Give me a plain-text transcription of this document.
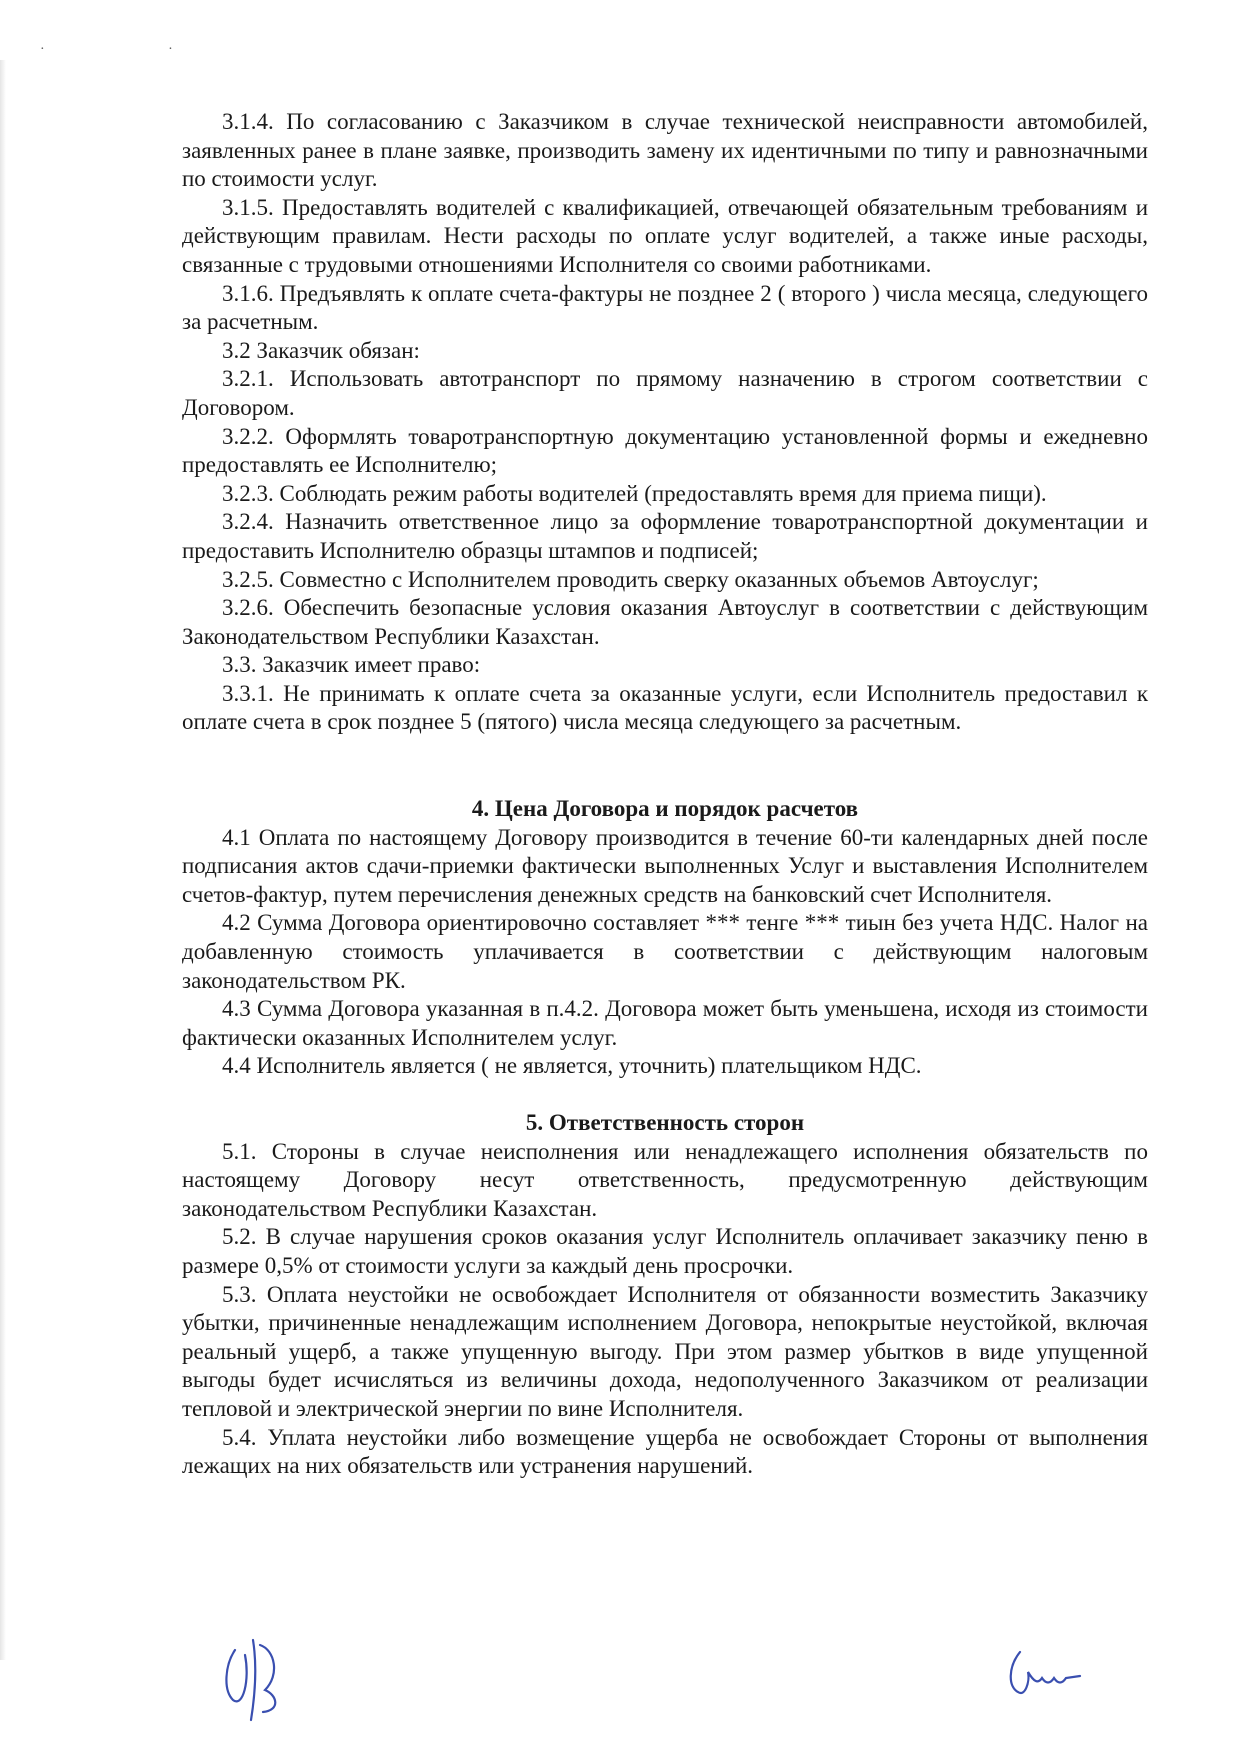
· ·

3.1.4. По согласованию с Заказчиком в случае технической неисправности автомобилей, заявленных ранее в плане заявке, производить замену их идентичными по типу и равнозначными по стоимости услуг.

3.1.5. Предоставлять водителей с квалификацией, отвечающей обязательным требованиям и действующим правилам. Нести расходы по оплате услуг водителей, а также иные расходы, связанные с трудовыми отношениями Исполнителя со своими работниками.

3.1.6. Предъявлять к оплате счета-фактуры не позднее 2 ( второго ) числа месяца, следующего за расчетным.

3.2 Заказчик обязан:

3.2.1. Использовать автотранспорт по прямому назначению в строгом соответствии с Договором.

3.2.2. Оформлять товаротранспортную документацию установленной формы и ежедневно предоставлять ее Исполнителю;

3.2.3. Соблюдать режим работы водителей (предоставлять время для приема пищи).

3.2.4. Назначить ответственное лицо за оформление товаротранспортной документации и предоставить Исполнителю образцы штампов и подписей;

3.2.5. Совместно с Исполнителем проводить сверку оказанных объемов Автоуслуг;

3.2.6. Обеспечить безопасные условия оказания Автоуслуг в соответствии с действующим Законодательством Республики Казахстан.

3.3. Заказчик имеет право:

3.3.1. Не принимать к оплате счета за оказанные услуги, если Исполнитель предоставил к оплате счета в срок позднее 5 (пятого) числа месяца следующего за расчетным.

4. Цена Договора и порядок расчетов

4.1 Оплата по настоящему Договору производится в течение 60-ти календарных дней после подписания актов сдачи-приемки фактически выполненных Услуг и выставления Исполнителем счетов-фактур, путем перечисления денежных средств на банковский счет Исполнителя.

4.2 Сумма Договора ориентировочно составляет *** тенге *** тиын без учета НДС. Налог на добавленную стоимость уплачивается в соответствии с действующим налоговым законодательством РК.

4.3 Сумма Договора указанная в п.4.2. Договора может быть уменьшена, исходя из стоимости фактически оказанных Исполнителем услуг.

4.4 Исполнитель является ( не является, уточнить) плательщиком НДС.

5. Ответственность сторон

5.1. Стороны в случае неисполнения или ненадлежащего исполнения обязательств по настоящему Договору несут ответственность, предусмотренную действующим законодательством Республики Казахстан.

5.2. В случае нарушения сроков оказания услуг Исполнитель оплачивает заказчику пеню в размере 0,5% от стоимости услуги за каждый день просрочки.

5.3. Оплата неустойки не освобождает Исполнителя от обязанности возместить Заказчику убытки, причиненные ненадлежащим исполнением Договора, непокрытые неустойкой, включая реальный ущерб, а также упущенную выгоду. При этом размер убытков в виде упущенной выгоды будет исчисляться из величины дохода, недополученного Заказчиком от реализации тепловой и электрической энергии по вине Исполнителя.

5.4. Уплата неустойки либо возмещение ущерба не освобождает Стороны от выполнения лежащих на них обязательств или устранения нарушений.
